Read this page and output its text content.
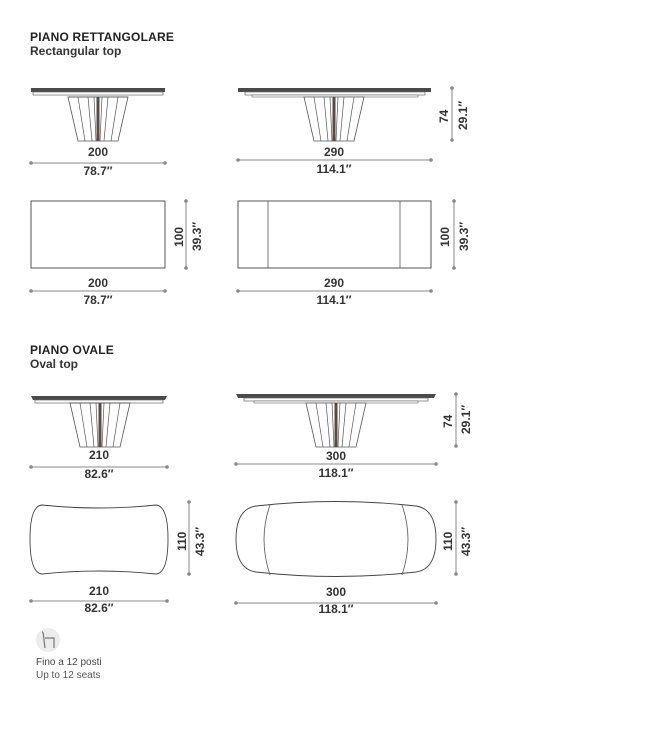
PIANO RETTANGOLARE
Rectangular top
200
78.7″
290
114.1″
74 29.1″
200
78.7″
100 39.3″
290
114.1″
100 39.3″
PIANO OVALE
Oval top
210
82.6″
300
118.1″
74 29.1″
210
82.6″
110 43.3″
300
118.1″
110 43.3″
Fino a 12 posti
Up to 12 seats
